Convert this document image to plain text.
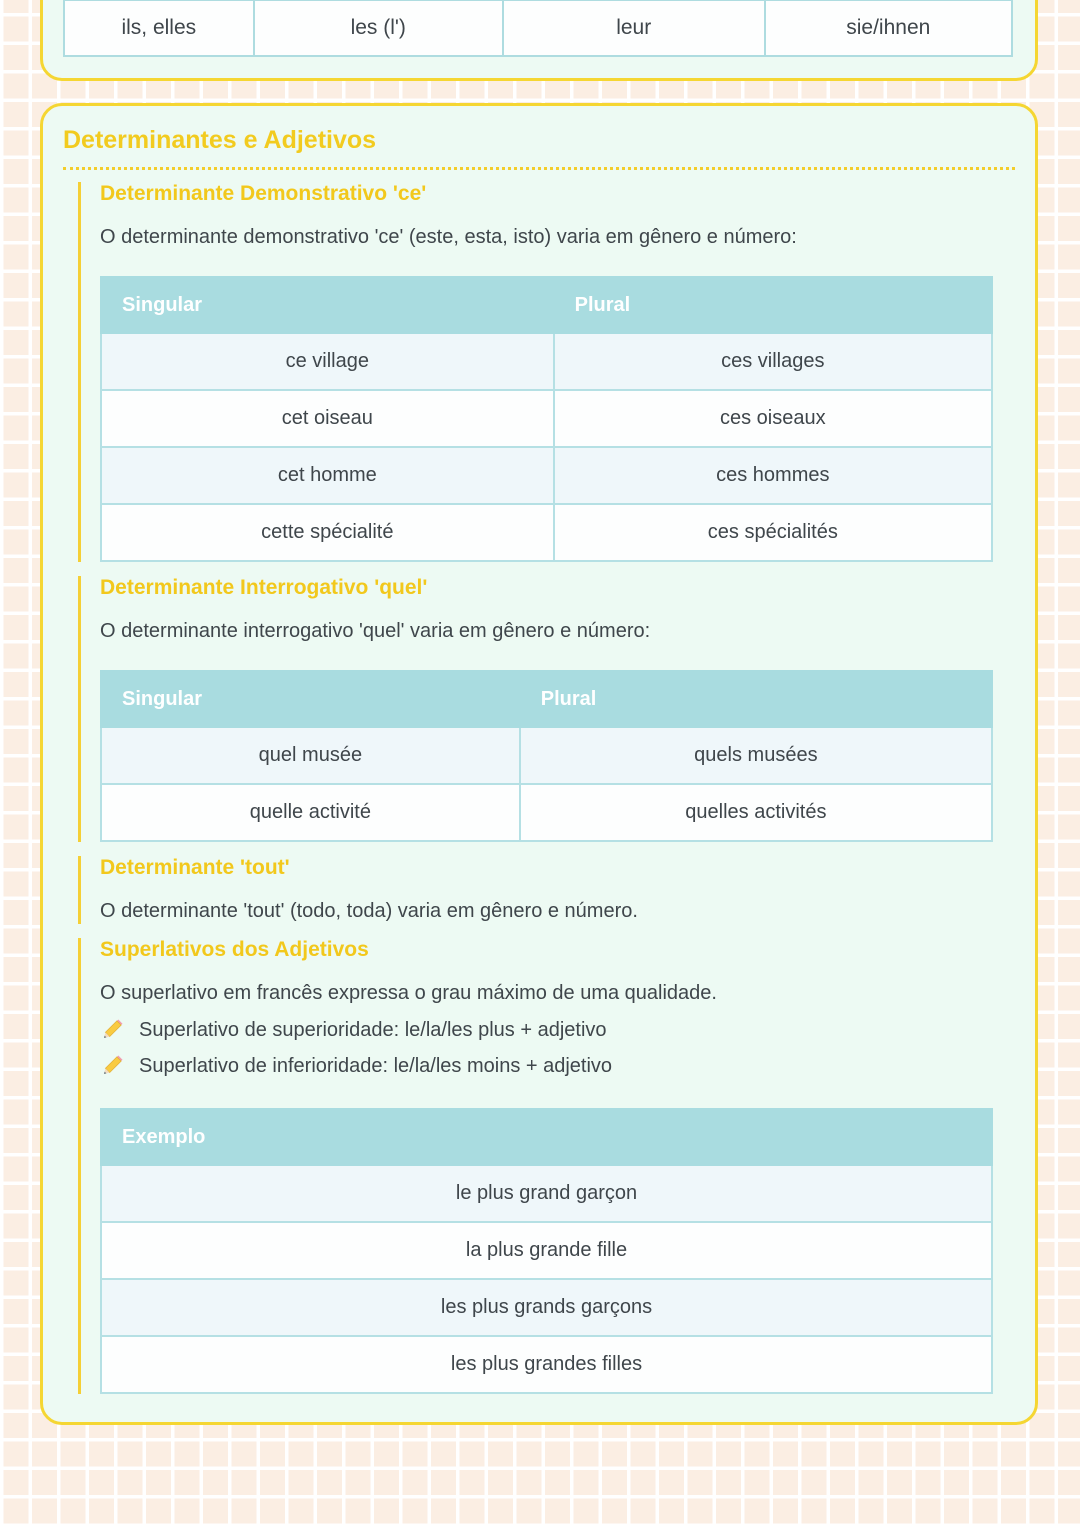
ils, elles	les (l')	leur	sie/ihnen
Determinantes e Adjetivos
Determinante Demonstrativo 'ce'

O determinante demonstrativo 'ce' (este, esta, isto) varia em gênero e número:

Singular	Plural
ce village	ces villages
cet oiseau	ces oiseaux
cet homme	ces hommes
cette spécialité	ces spécialités
Determinante Interrogativo 'quel'

O determinante interrogativo 'quel' varia em gênero e número:

Singular	Plural
quel musée	quels musées
quelle activité	quelles activités
Determinante 'tout'

O determinante 'tout' (todo, toda) varia em gênero e número.

Superlativos dos Adjetivos

O superlativo em francês expressa o grau máximo de uma qualidade.

Superlativo de superioridade: le/la/les plus + adjetivo
Superlativo de inferioridade: le/la/les moins + adjetivo
Exemplo
le plus grand garçon
la plus grande fille
les plus grands garçons
les plus grandes filles
